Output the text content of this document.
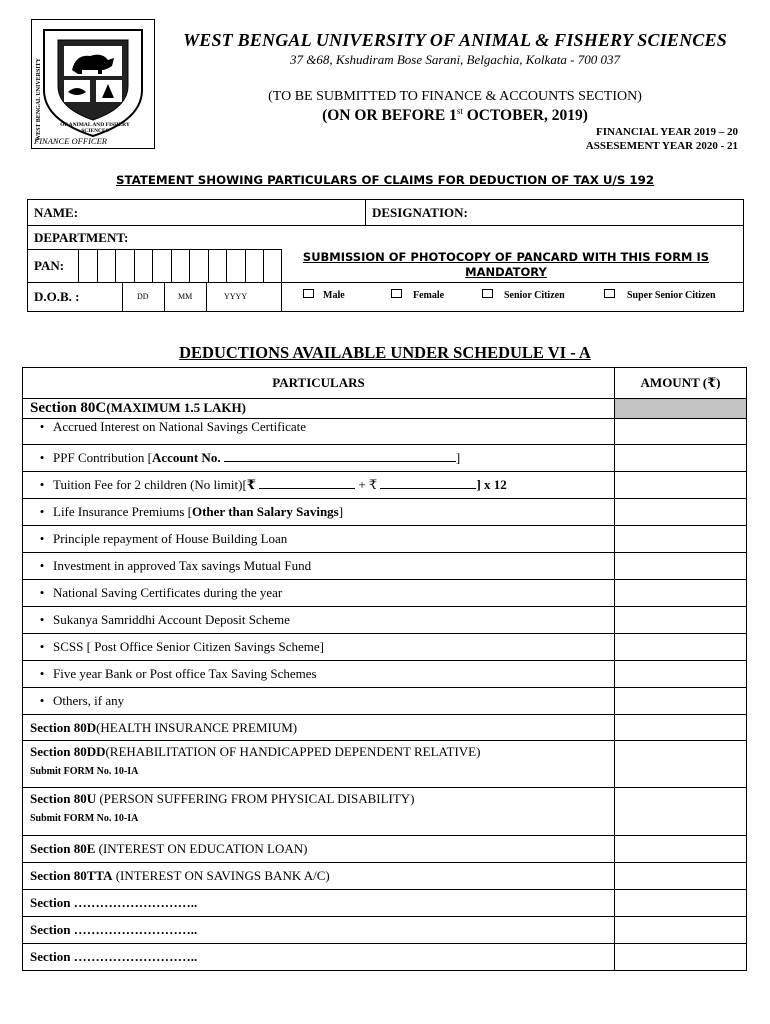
WEST BENGAL UNIVERSITY	OF ANIMAL AND FISHERY SCIENCES
FINANCE OFFICER
WEST BENGAL UNIVERSITY OF ANIMAL & FISHERY SCIENCES
37 &68, Kshudiram Bose Sarani, Belgachia, Kolkata - 700 037
(TO BE SUBMITTED TO FINANCE & ACCOUNTS SECTION)
(ON OR BEFORE 1st OCTOBER, 2019)
FINANCIAL YEAR 2019 – 20
ASSESEMENT YEAR 2020 - 21
STATEMENT SHOWING PARTICULARS OF CLAIMS FOR DEDUCTION OF TAX U/S 192
NAME:	DESIGNATION:
DEPARTMENT:
PAN:
SUBMISSION OF PHOTOCOPY OF PANCARD WITH THIS FORM IS MANDATORY
D.O.B. :	DD	MM	YYYY	Male	Female	Senior Citizen	Super Senior Citizen
DEDUCTIONS AVAILABLE UNDER SCHEDULE VI - A
PARTICULARS	AMOUNT (₹)
Section 80C(MAXIMUM 1.5 LAKH)	
• Accrued Interest on National Savings Certificate	
• PPF Contribution [Account No. ]	
• Tuition Fee for 2 children (No limit)[₹ + ₹ ] x 12	
• Life Insurance Premiums [Other than Salary Savings]	
• Principle repayment of House Building Loan	
• Investment in approved Tax savings Mutual Fund	
• National Saving Certificates during the year	
• Sukanya Samriddhi Account Deposit Scheme	
• SCSS [ Post Office Senior Citizen Savings Scheme]	
• Five year Bank or Post office Tax Saving Schemes	
• Others, if any	
Section 80D(HEALTH INSURANCE PREMIUM)	
Section 80DD(REHABILITATION OF HANDICAPPED DEPENDENT RELATIVE)
Submit FORM No. 10-IA	

Section 80U (PERSON SUFFERING FROM PHYSICAL DISABILITY)
Submit FORM No. 10-IA	

Section 80E (INTEREST ON EDUCATION LOAN)	
Section 80TTA (INTEREST ON SAVINGS BANK A/C)	
Section ………………………..	
Section ………………………..	
Section ………………………..	
